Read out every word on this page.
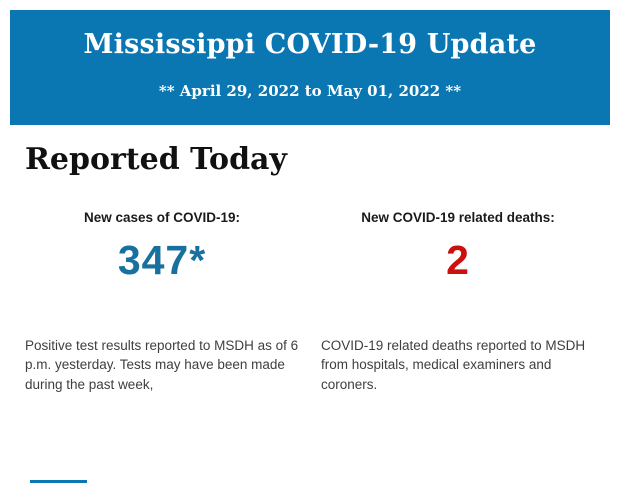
Mississippi COVID-19 Update
** April 29, 2022 to May 01, 2022 **
Reported Today
New cases of COVID-19:
347*
Positive test results reported to MSDH as of 6 p.m. yesterday. Tests may have been made during the past week,
New COVID-19 related deaths:
2
COVID-19 related deaths reported to MSDH from hospitals, medical examiners and coroners.
